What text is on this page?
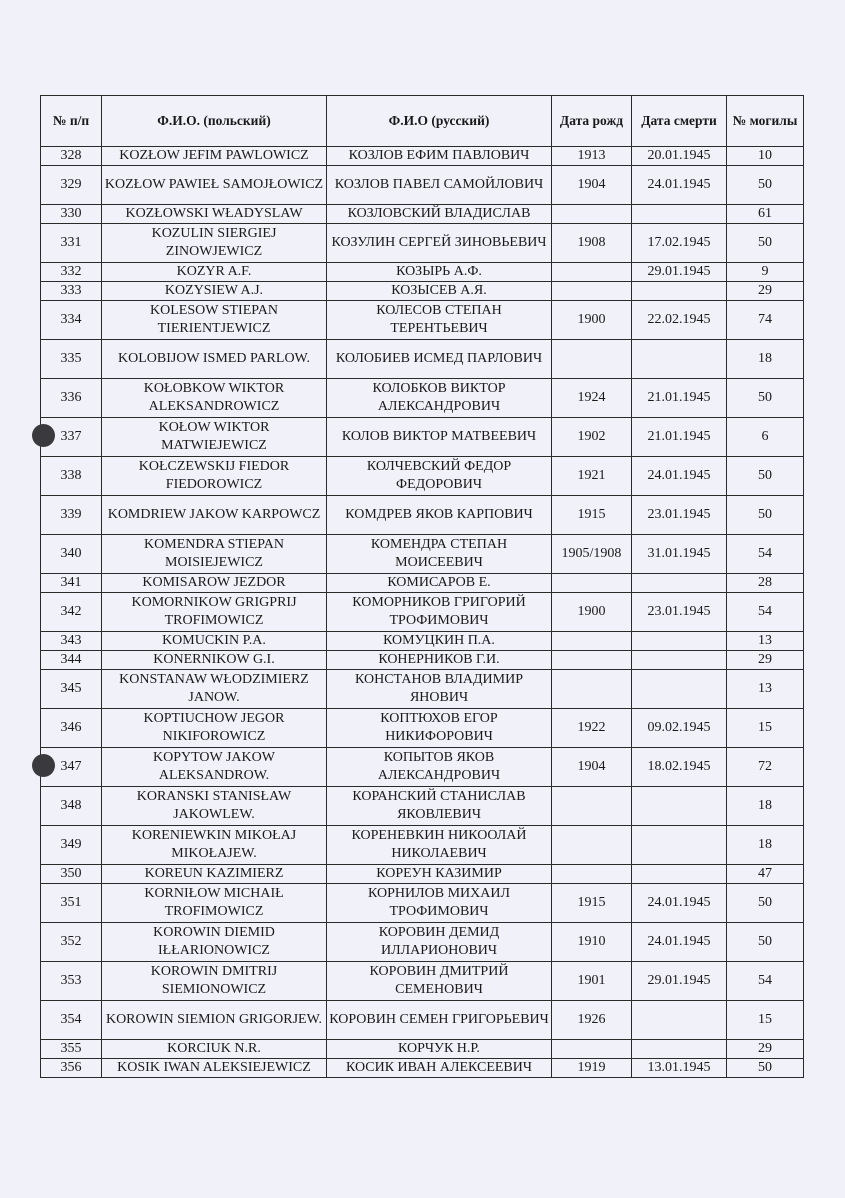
№ п/п	Ф.И.О. (польский)	Ф.И.О (русский)	Дата рожд	Дата смерти	№ могилы
328	KOZŁOW JEFIM PAWLOWICZ	КОЗЛОВ ЕФИМ ПАВЛОВИЧ	1913	20.01.1945	10
329	KOZŁOW PAWIEŁ SAMOJŁOWICZ	КОЗЛОВ ПАВЕЛ САМОЙЛОВИЧ	1904	24.01.1945	50
330	KOZŁOWSKI WŁADYSLAW	КОЗЛОВСКИЙ ВЛАДИСЛАВ			61
331	KOZULIN SIERGIEJ ZINOWJEWICZ	КОЗУЛИН СЕРГЕЙ ЗИНОВЬЕВИЧ	1908	17.02.1945	50
332	KOZYR A.F.	КОЗЫРЬ А.Ф.		29.01.1945	9
333	KOZYSIEW A.J.	КОЗЫСЕВ А.Я.			29
334	KOLESOW STIEPAN TIERIENTJEWICZ	КОЛЕСОВ СТЕПАН ТЕРЕНТЬЕВИЧ	1900	22.02.1945	74
335	KOLOBIJOW ISMED PARLOW.	КОЛОБИЕВ ИСМЕД ПАРЛОВИЧ			18
336	KOŁOBKOW WIKTOR ALEKSANDROWICZ	КОЛОБКОВ ВИКТОР АЛЕКСАНДРОВИЧ	1924	21.01.1945	50
337	KOŁOW WIKTOR MATWIEJEWICZ	КОЛОВ ВИКТОР МАТВЕЕВИЧ	1902	21.01.1945	6
338	KOŁCZEWSKIJ FIEDOR FIEDOROWICZ	КОЛЧЕВСКИЙ ФЕДОР ФЕДОРОВИЧ	1921	24.01.1945	50
339	KOMDRIEW JAKOW KARPOWCZ	КОМДРЕВ ЯКОВ КАРПОВИЧ	1915	23.01.1945	50
340	KOMENDRA STIEPAN MOISIEJEWICZ	КОМЕНДРА СТЕПАН МОИСЕЕВИЧ	1905/1908	31.01.1945	54
341	KOMISAROW JEZDOR	КОМИСАРОВ Е.			28
342	KOMORNIKOW GRIGPRIJ TROFIMOWICZ	КОМОРНИКОВ ГРИГОРИЙ ТРОФИМОВИЧ	1900	23.01.1945	54
343	KOMUCKIN P.A.	КОМУЦКИН П.А.			13
344	KONERNIKOW G.I.	КОНЕРНИКОВ Г.И.			29
345	KONSTANAW WŁODZIMIERZ JANOW.	КОНСТАНОВ ВЛАДИМИР ЯНОВИЧ			13
346	KOPTIUCHOW JEGOR NIKIFOROWICZ	КОПТЮХОВ ЕГОР НИКИФОРОВИЧ	1922	09.02.1945	15
347	KOPYTOW JAKOW ALEKSANDROW.	КОПЫТОВ ЯКОВ АЛЕКСАНДРОВИЧ	1904	18.02.1945	72
348	KORANSKI STANISŁAW JAKOWLEW.	КОРАНСКИЙ СТАНИСЛАВ ЯКОВЛЕВИЧ			18
349	KORENIEWKIN MIKOŁAJ MIKOŁAJEW.	КОРЕНЕВКИН НИКООЛАЙ НИКОЛАЕВИЧ			18
350	KOREUN KAZIMIERZ	КОРЕУН КАЗИМИР			47
351	KORNIŁOW MICHAIŁ TROFIMOWICZ	КОРНИЛОВ МИХАИЛ ТРОФИМОВИЧ	1915	24.01.1945	50
352	KOROWIN DIEMID IŁŁARIONOWICZ	КОРОВИН ДЕМИД ИЛЛАРИОНОВИЧ	1910	24.01.1945	50
353	KOROWIN DMITRIJ SIEMIONOWICZ	КОРОВИН ДМИТРИЙ СЕМЕНОВИЧ	1901	29.01.1945	54
354	KOROWIN SIEMION GRIGORJEW.	КОРОВИН СЕМЕН ГРИГОРЬЕВИЧ	1926		15
355	KORCIUK N.R.	КОРЧУК Н.Р.			29
356	KOSIK IWAN ALEKSIEJEWICZ	КОСИК ИВАН АЛЕКСЕЕВИЧ	1919	13.01.1945	50
